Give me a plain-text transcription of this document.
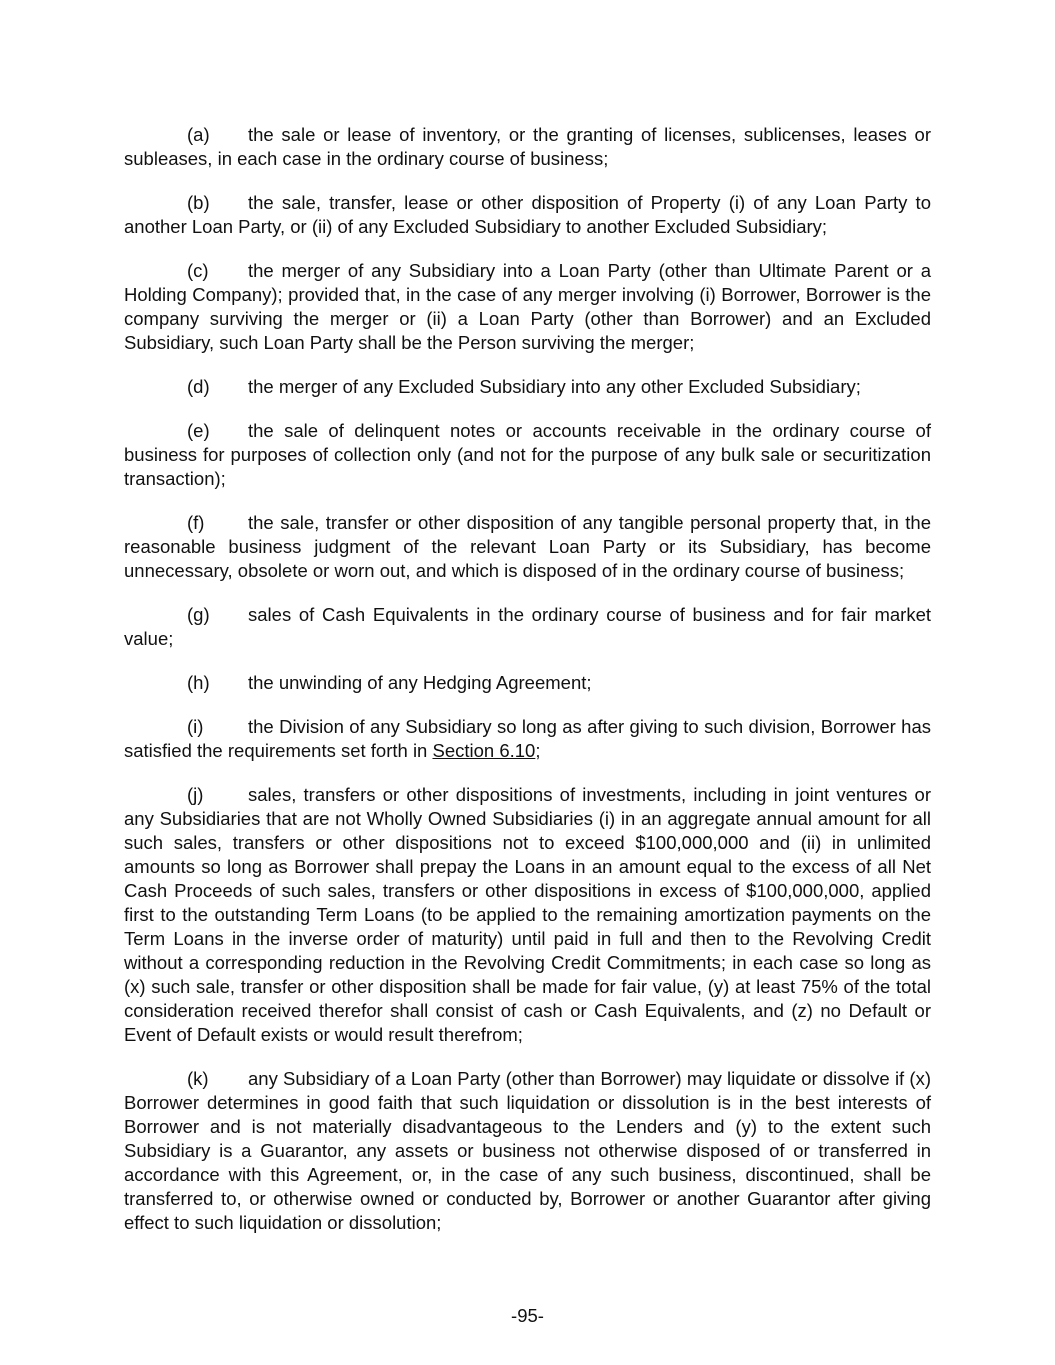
(a) the sale or lease of inventory, or the granting of licenses, sublicenses, leases or subleases, in each case in the ordinary course of business;

(b) the sale, transfer, lease or other disposition of Property (i) of any Loan Party to another Loan Party, or (ii) of any Excluded Subsidiary to another Excluded Subsidiary;

(c) the merger of any Subsidiary into a Loan Party (other than Ultimate Parent or a Holding Company); provided that, in the case of any merger involving (i) Borrower, Borrower is the company surviving the merger or (ii) a Loan Party (other than Borrower) and an Excluded Subsidiary, such Loan Party shall be the Person surviving the merger;

(d) the merger of any Excluded Subsidiary into any other Excluded Subsidiary;

(e) the sale of delinquent notes or accounts receivable in the ordinary course of business for purposes of collection only (and not for the purpose of any bulk sale or securitization transaction);

(f) the sale, transfer or other disposition of any tangible personal property that, in the reasonable business judgment of the relevant Loan Party or its Subsidiary, has become unnecessary, obsolete or worn out, and which is disposed of in the ordinary course of business;

(g) sales of Cash Equivalents in the ordinary course of business and for fair market value;

(h) the unwinding of any Hedging Agreement;

(i) the Division of any Subsidiary so long as after giving to such division, Borrower has satisfied the requirements set forth in Section 6.10;

(j) sales, transfers or other dispositions of investments, including in joint ventures or any Subsidiaries that are not Wholly Owned Subsidiaries (i) in an aggregate annual amount for all such sales, transfers or other dispositions not to exceed $100,000,000 and (ii) in unlimited amounts so long as Borrower shall prepay the Loans in an amount equal to the excess of all Net Cash Proceeds of such sales, transfers or other dispositions in excess of $100,000,000, applied first to the outstanding Term Loans (to be applied to the remaining amortization payments on the Term Loans in the inverse order of maturity) until paid in full and then to the Revolving Credit without a corresponding reduction in the Revolving Credit Commitments; in each case so long as (x) such sale, transfer or other disposition shall be made for fair value, (y) at least 75% of the total consideration received therefor shall consist of cash or Cash Equivalents, and (z) no Default or Event of Default exists or would result therefrom;

(k) any Subsidiary of a Loan Party (other than Borrower) may liquidate or dissolve if (x) Borrower determines in good faith that such liquidation or dissolution is in the best interests of Borrower and is not materially disadvantageous to the Lenders and (y) to the extent such Subsidiary is a Guarantor, any assets or business not otherwise disposed of or transferred in accordance with this Agreement, or, in the case of any such business, discontinued, shall be transferred to, or otherwise owned or conducted by, Borrower or another Guarantor after giving effect to such liquidation or dissolution;

-95-
